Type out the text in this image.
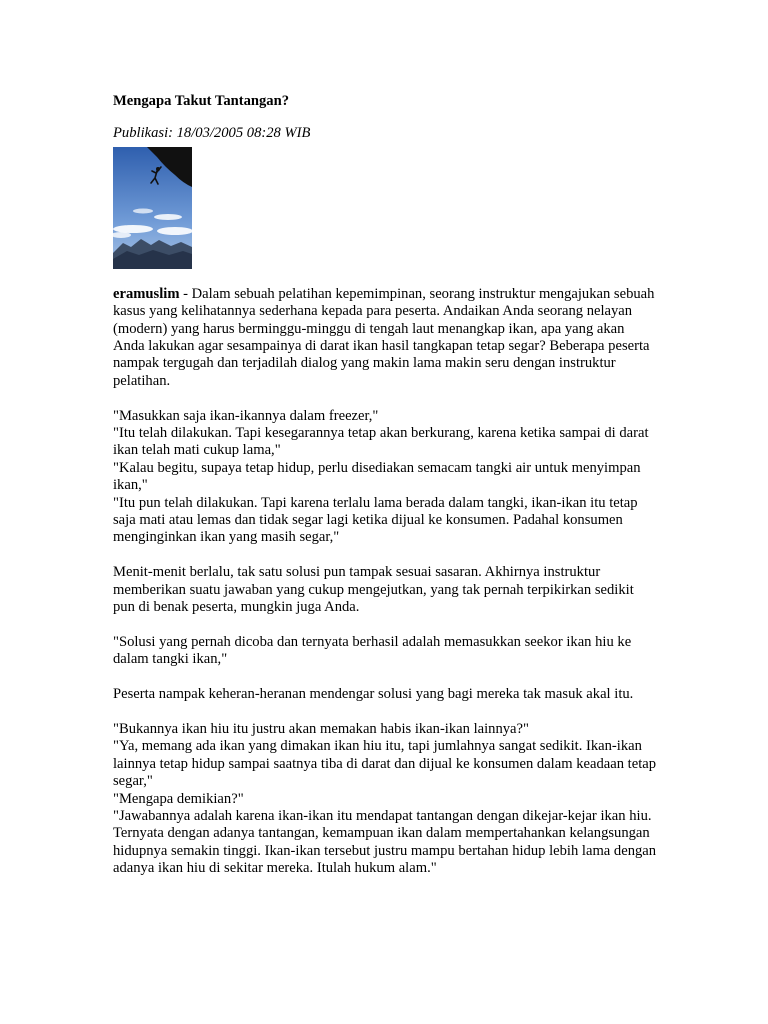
Mengapa Takut Tantangan?

Publikasi: 18/03/2005 08:28 WIB

eramuslim - Dalam sebuah pelatihan kepemimpinan, seorang instruktur mengajukan sebuah kasus yang kelihatannya sederhana kepada para peserta. Andaikan Anda seorang nelayan (modern) yang harus berminggu-minggu di tengah laut menangkap ikan, apa yang akan Anda lakukan agar sesampainya di darat ikan hasil tangkapan tetap segar? Beberapa peserta nampak tergugah dan terjadilah dialog yang makin lama makin seru dengan instruktur pelatihan.

"Masukkan saja ikan-ikannya dalam freezer,"

"Itu telah dilakukan. Tapi kesegarannya tetap akan berkurang, karena ketika sampai di darat ikan telah mati cukup lama,"

"Kalau begitu, supaya tetap hidup, perlu disediakan semacam tangki air untuk menyimpan ikan,"

"Itu pun telah dilakukan. Tapi karena terlalu lama berada dalam tangki, ikan-ikan itu tetap saja mati atau lemas dan tidak segar lagi ketika dijual ke konsumen. Padahal konsumen menginginkan ikan yang masih segar,"

Menit-menit berlalu, tak satu solusi pun tampak sesuai sasaran. Akhirnya instruktur memberikan suatu jawaban yang cukup mengejutkan, yang tak pernah terpikirkan sedikit pun di benak peserta, mungkin juga Anda.

"Solusi yang pernah dicoba dan ternyata berhasil adalah memasukkan seekor ikan hiu ke dalam tangki ikan,"

Peserta nampak keheran-heranan mendengar solusi yang bagi mereka tak masuk akal itu.

"Bukannya ikan hiu itu justru akan memakan habis ikan-ikan lainnya?"

"Ya, memang ada ikan yang dimakan ikan hiu itu, tapi jumlahnya sangat sedikit. Ikan-ikan lainnya tetap hidup sampai saatnya tiba di darat dan dijual ke konsumen dalam keadaan tetap segar,"

"Mengapa demikian?"

"Jawabannya adalah karena ikan-ikan itu mendapat tantangan dengan dikejar-kejar ikan hiu. Ternyata dengan adanya tantangan, kemampuan ikan dalam mempertahankan kelangsungan hidupnya semakin tinggi. Ikan-ikan tersebut justru mampu bertahan hidup lebih lama dengan adanya ikan hiu di sekitar mereka. Itulah hukum alam."
